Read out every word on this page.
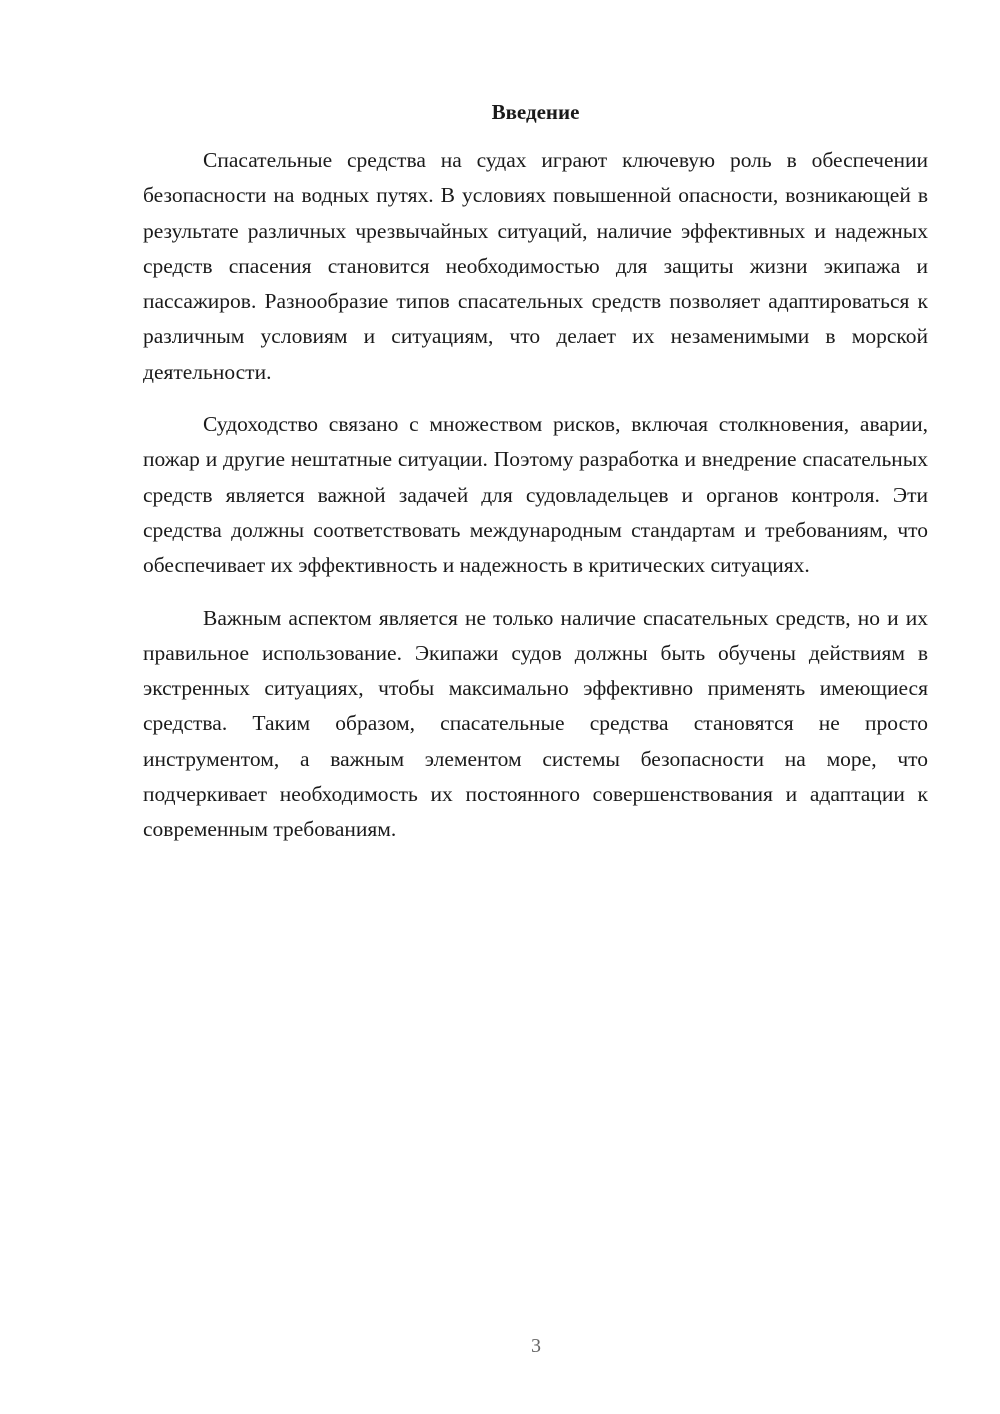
Введение

Спасательные средства на судах играют ключевую роль в обеспечении безопасности на водных путях. В условиях повышенной опасности, возникающей в результате различных чрезвычайных ситуаций, наличие эффективных и надежных средств спасения становится необходимостью для защиты жизни экипажа и пассажиров. Разнообразие типов спасательных средств позволяет адаптироваться к различным условиям и ситуациям, что делает их незаменимыми в морской деятельности.

Судоходство связано с множеством рисков, включая столкновения, аварии, пожар и другие нештатные ситуации. Поэтому разработка и внедрение спасательных средств является важной задачей для судовладельцев и органов контроля. Эти средства должны соответствовать международным стандартам и требованиям, что обеспечивает их эффективность и надежность в критических ситуациях.

Важным аспектом является не только наличие спасательных средств, но и их правильное использование. Экипажи судов должны быть обучены действиям в экстренных ситуациях, чтобы максимально эффективно применять имеющиеся средства. Таким образом, спасательные средства становятся не просто инструментом, а важным элементом системы безопасности на море, что подчеркивает необходимость их постоянного совершенствования и адаптации к современным требованиям.

3
